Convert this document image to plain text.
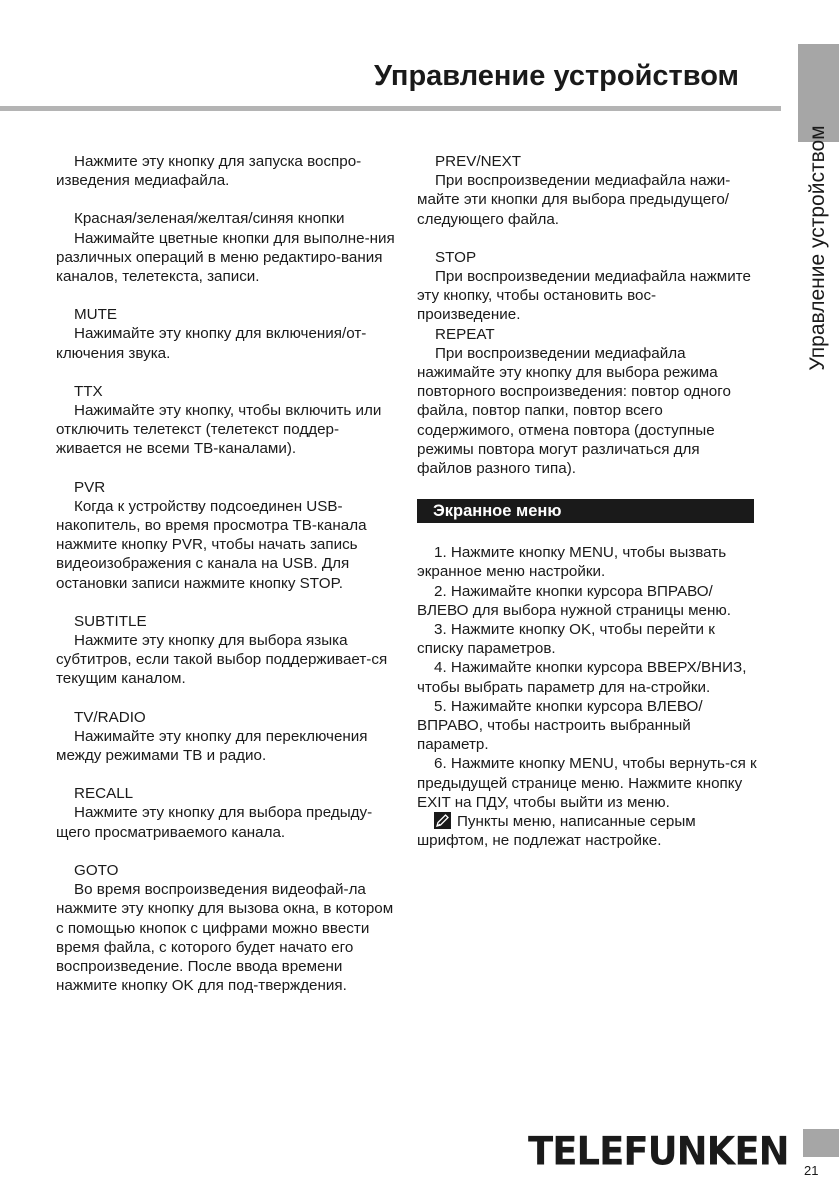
Управление устройством
Управление устройством
Нажмите эту кнопку для запуска воспро-изведения медиафайла.
Красная/зеленая/желтая/синяя кнопки
Нажимайте цветные кнопки для выполне-ния различных операций в меню редактиро-вания каналов, телетекста, записи.
MUTE
Нажимайте эту кнопку для включения/от-ключения звука.
TTX
Нажимайте эту кнопку, чтобы включить или отключить телетекст (телетекст поддер-живается не всеми ТВ-каналами).
PVR
Когда к устройству подсоединен USB-накопитель, во время просмотра ТВ-канала нажмите кнопку PVR, чтобы начать запись видеоизображения с канала на USB. Для остановки записи нажмите кнопку STOP.
SUBTITLE
Нажмите эту кнопку для выбора языка субтитров, если такой выбор поддерживает-ся текущим каналом.
TV/RADIO
Нажимайте эту кнопку для переключения между режимами ТВ и радио.
RECALL
Нажмите эту кнопку для выбора предыду-щего просматриваемого канала.
GOTO
Во время воспроизведения видеофай-ла нажмите эту кнопку для вызова окна, в котором с помощью кнопок с цифрами можно ввести время файла, с которого будет начато его воспроизведение. После ввода времени нажмите кнопку OK для под-тверждения.
PREV/NEXT
При воспроизведении медиафайла нажи-майте эти кнопки для выбора предыдущего/следующего файла.
STOP
При воспроизведении медиафайла нажмите эту кнопку, чтобы остановить вос-произведение.
REPEAT
При воспроизведении медиафайла нажимайте эту кнопку для выбора режима повторного воспроизведения: повтор одного файла, повтор папки, повтор всего содержимого, отмена повтора (доступные режимы повтора могут различаться для файлов разного типа).
Экранное меню
1. Нажмите кнопку MENU, чтобы вызвать экранное меню настройки.
2. Нажимайте кнопки курсора ВПРАВО/ВЛЕВО для выбора нужной страницы меню.
3. Нажмите кнопку OK, чтобы перейти к списку параметров.
4. Нажимайте кнопки курсора ВВЕРХ/ВНИЗ, чтобы выбрать параметр для на-стройки.
5. Нажимайте кнопки курсора ВЛЕВО/ВПРАВО, чтобы настроить выбранный параметр.
6. Нажмите кнопку MENU, чтобы вернуть-ся к предыдущей странице меню. Нажмите кнопку EXIT на ПДУ, чтобы выйти из меню.
Пункты меню, написанные серым шрифтом, не подлежат настройке.
TELEFUNKEN 21
